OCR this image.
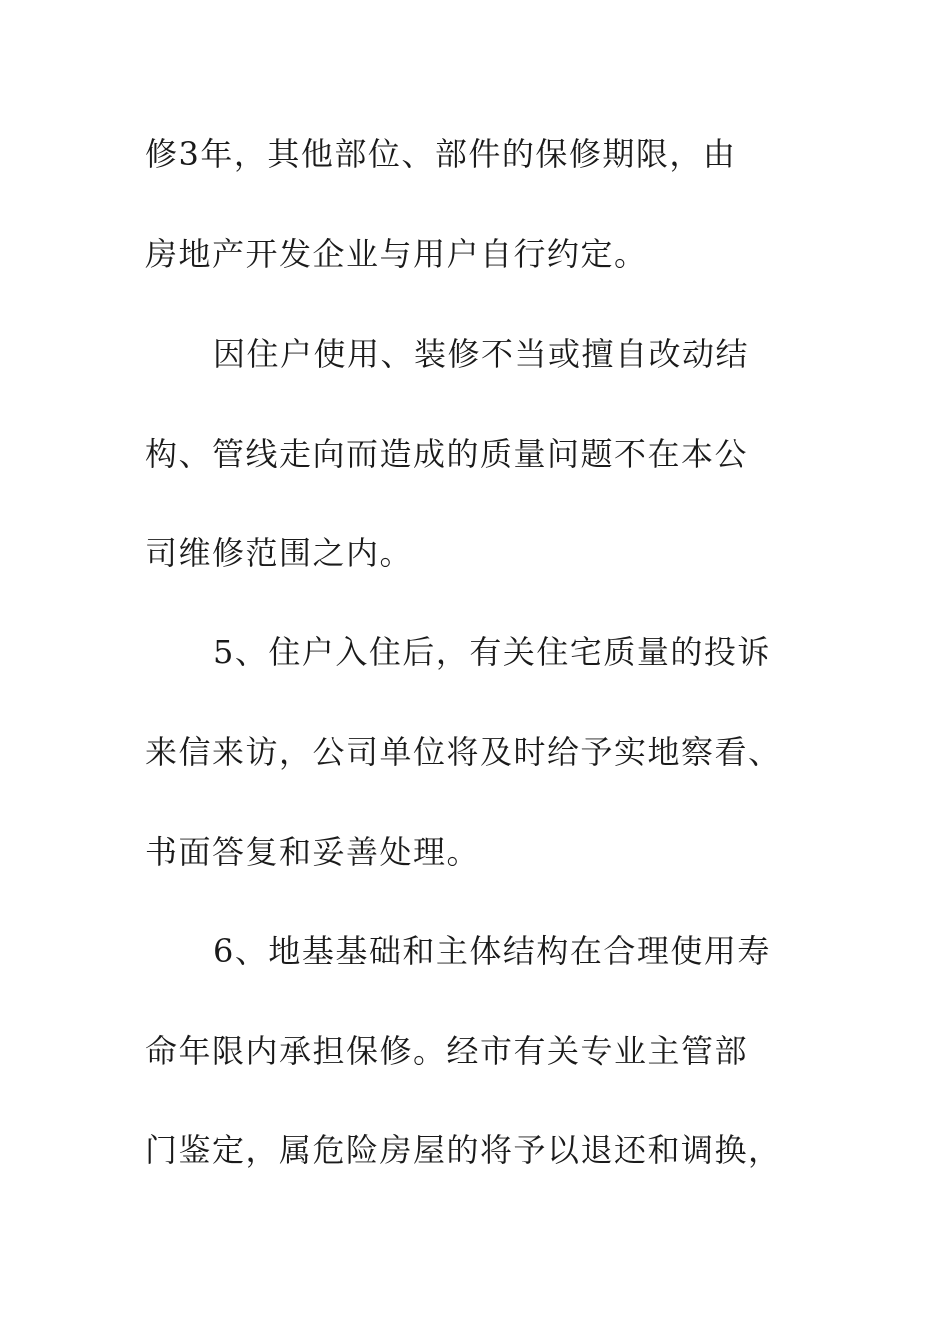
修3年，其他部位、部件的保修期限，由
房地产开发企业与用户自行约定。
因住户使用、装修不当或擅自改动结
构、管线走向而造成的质量问题不在本公
司维修范围之内。
5、住户入住后，有关住宅质量的投诉
来信来访，公司单位将及时给予实地察看、
书面答复和妥善处理。
6、地基基础和主体结构在合理使用寿
命年限内承担保修。经市有关专业主管部
门鉴定，属危险房屋的将予以退还和调换，
